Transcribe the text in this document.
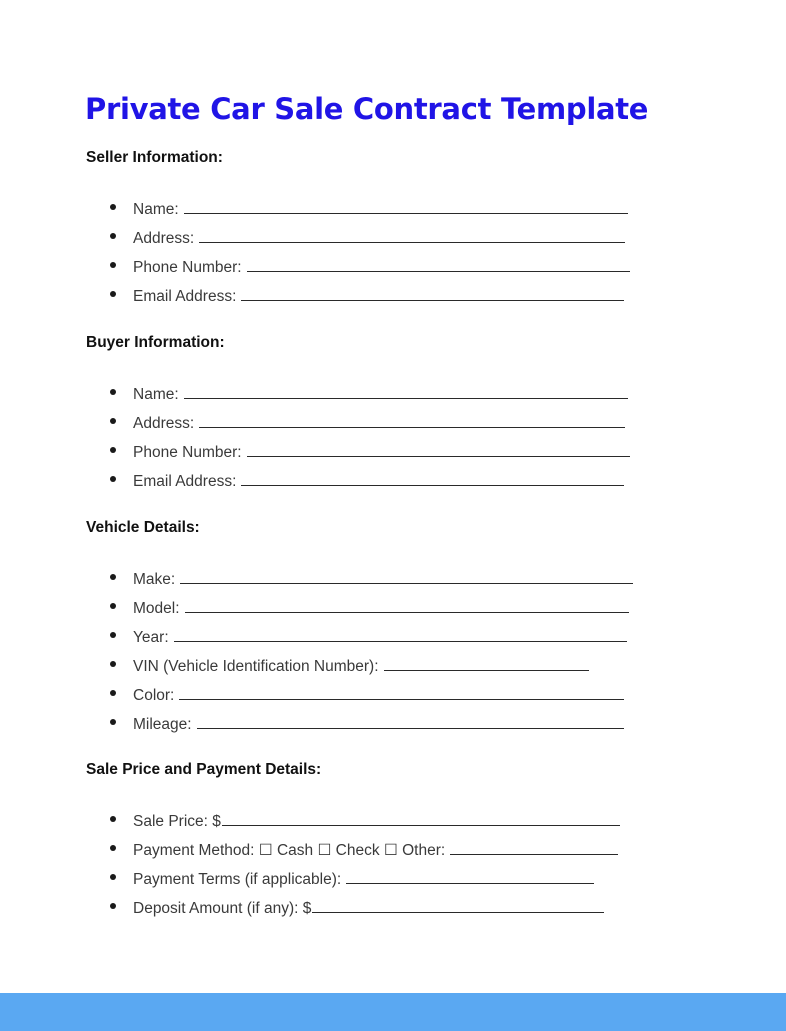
Private Car Sale Contract Template
Seller Information:
Name:
Address:
Phone Number:
Email Address:
Buyer Information:
Name:
Address:
Phone Number:
Email Address:
Vehicle Details:
Make:
Model:
Year:
VIN (Vehicle Identification Number):
Color:
Mileage:
Sale Price and Payment Details:
Sale Price: $
Payment Method: ☐ Cash ☐ Check ☐ Other:
Payment Terms (if applicable):
Deposit Amount (if any): $
